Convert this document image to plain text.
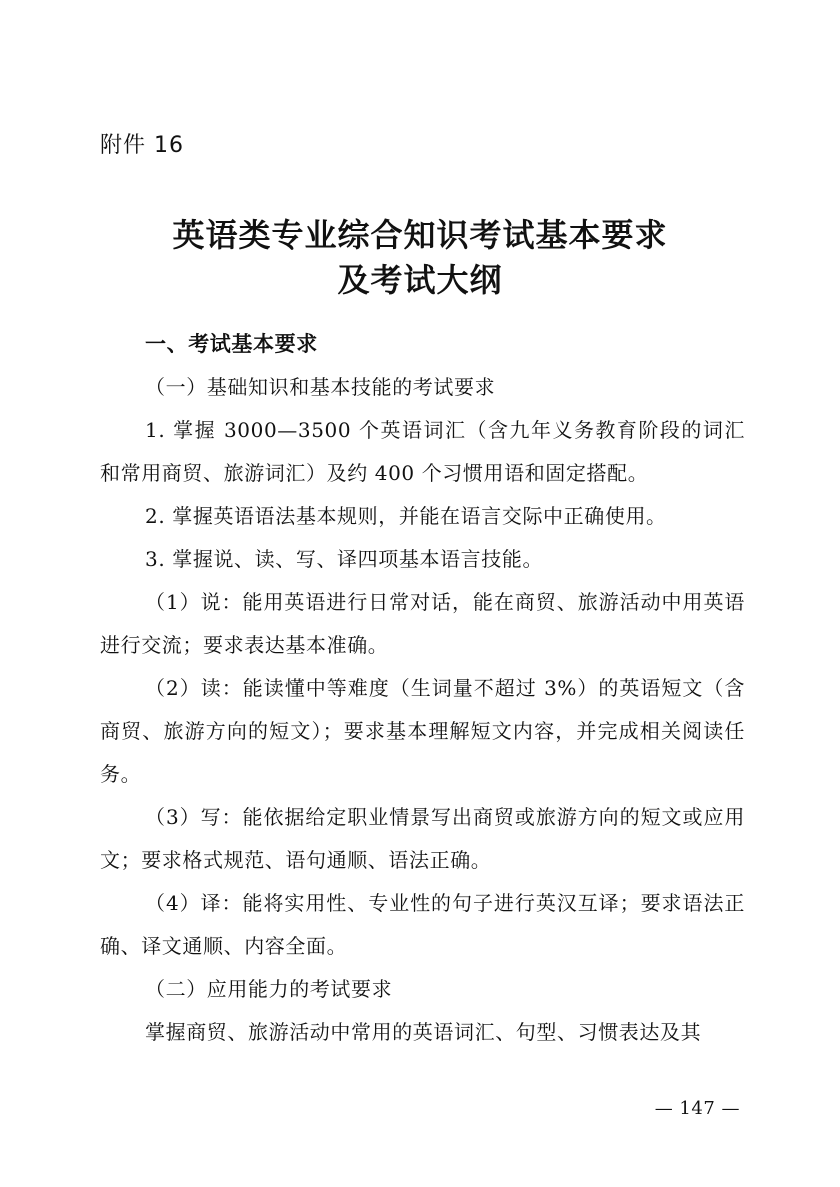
附件 16
英语类专业综合知识考试基本要求
及考试大纲

一、考试基本要求

（一）基础知识和基本技能的考试要求

1. 掌握 3000—3500 个英语词汇（含九年义务教育阶段的词汇和常用商贸、旅游词汇）及约 400 个习惯用语和固定搭配。

2. 掌握英语语法基本规则，并能在语言交际中正确使用。

3. 掌握说、读、写、译四项基本语言技能。

（1）说：能用英语进行日常对话，能在商贸、旅游活动中用英语进行交流；要求表达基本准确。

（2）读：能读懂中等难度（生词量不超过 3%）的英语短文（含商贸、旅游方向的短文）；要求基本理解短文内容，并完成相关阅读任务。

（3）写：能依据给定职业情景写出商贸或旅游方向的短文或应用文；要求格式规范、语句通顺、语法正确。

（4）译：能将实用性、专业性的句子进行英汉互译；要求语法正确、译文通顺、内容全面。

（二）应用能力的考试要求

掌握商贸、旅游活动中常用的英语词汇、句型、习惯表达及其

— 147 —
